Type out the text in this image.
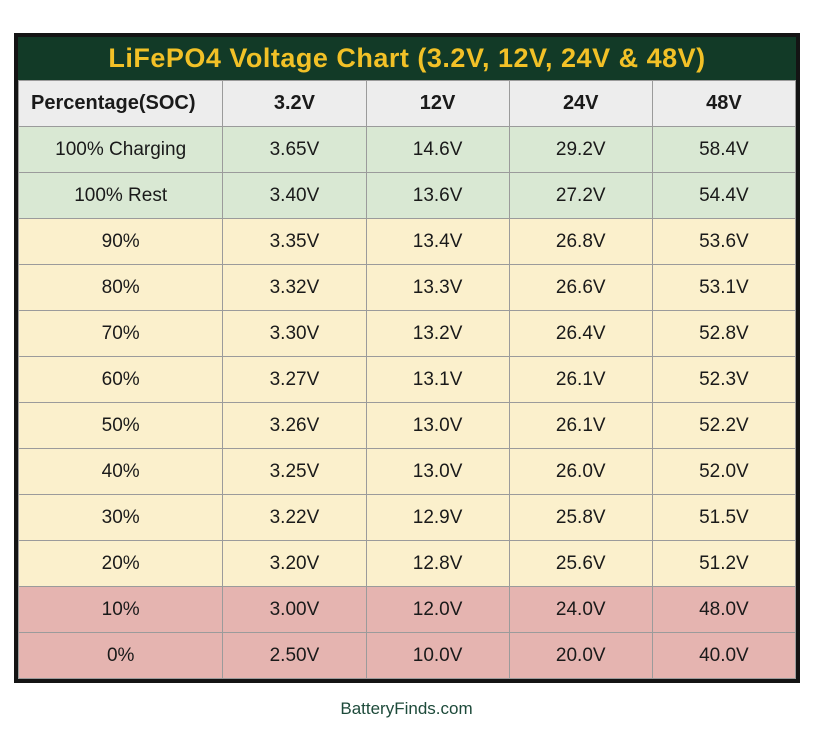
LiFePO4 Voltage Chart (3.2V, 12V, 24V & 48V)
Percentage(SOC)	3.2V	12V	24V	48V
100% Charging	3.65V	14.6V	29.2V	58.4V
100% Rest	3.40V	13.6V	27.2V	54.4V
90%	3.35V	13.4V	26.8V	53.6V
80%	3.32V	13.3V	26.6V	53.1V
70%	3.30V	13.2V	26.4V	52.8V
60%	3.27V	13.1V	26.1V	52.3V
50%	3.26V	13.0V	26.1V	52.2V
40%	3.25V	13.0V	26.0V	52.0V
30%	3.22V	12.9V	25.8V	51.5V
20%	3.20V	12.8V	25.6V	51.2V
10%	3.00V	12.0V	24.0V	48.0V
0%	2.50V	10.0V	20.0V	40.0V
BatteryFinds.com
